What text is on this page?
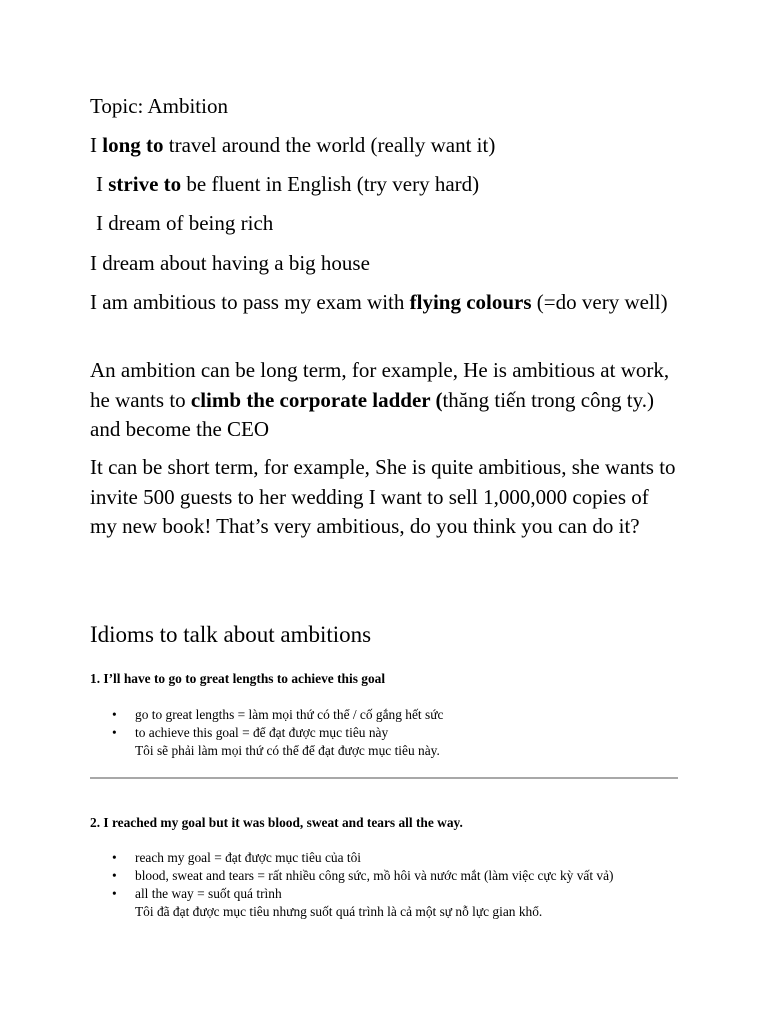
Topic: Ambition

I long to travel around the world (really want it)

I strive to be fluent in English (try very hard)

I dream of being rich

I dream about having a big house

I am ambitious to pass my exam with flying colours (=do very well)

An ambition can be long term, for example, He is ambitious at work, he wants to climb the corporate ladder (thăng tiến trong công ty.) and become the CEO

It can be short term, for example, She is quite ambitious, she wants to invite 500 guests to her wedding I want to sell 1,000,000 copies of my new book! That’s very ambitious, do you think you can do it?

Idioms to talk about ambitions

1. I’ll have to go to great lengths to achieve this goal

• go to great lengths = làm mọi thứ có thể / cố gắng hết sức
• to achieve this goal = để đạt được mục tiêu này
Tôi sẽ phải làm mọi thứ có thể để đạt được mục tiêu này.

2. I reached my goal but it was blood, sweat and tears all the way.

• reach my goal = đạt được mục tiêu của tôi
• blood, sweat and tears = rất nhiều công sức, mồ hôi và nước mắt (làm việc cực kỳ vất vả)
• all the way = suốt quá trình
Tôi đã đạt được mục tiêu nhưng suốt quá trình là cả một sự nỗ lực gian khổ.
